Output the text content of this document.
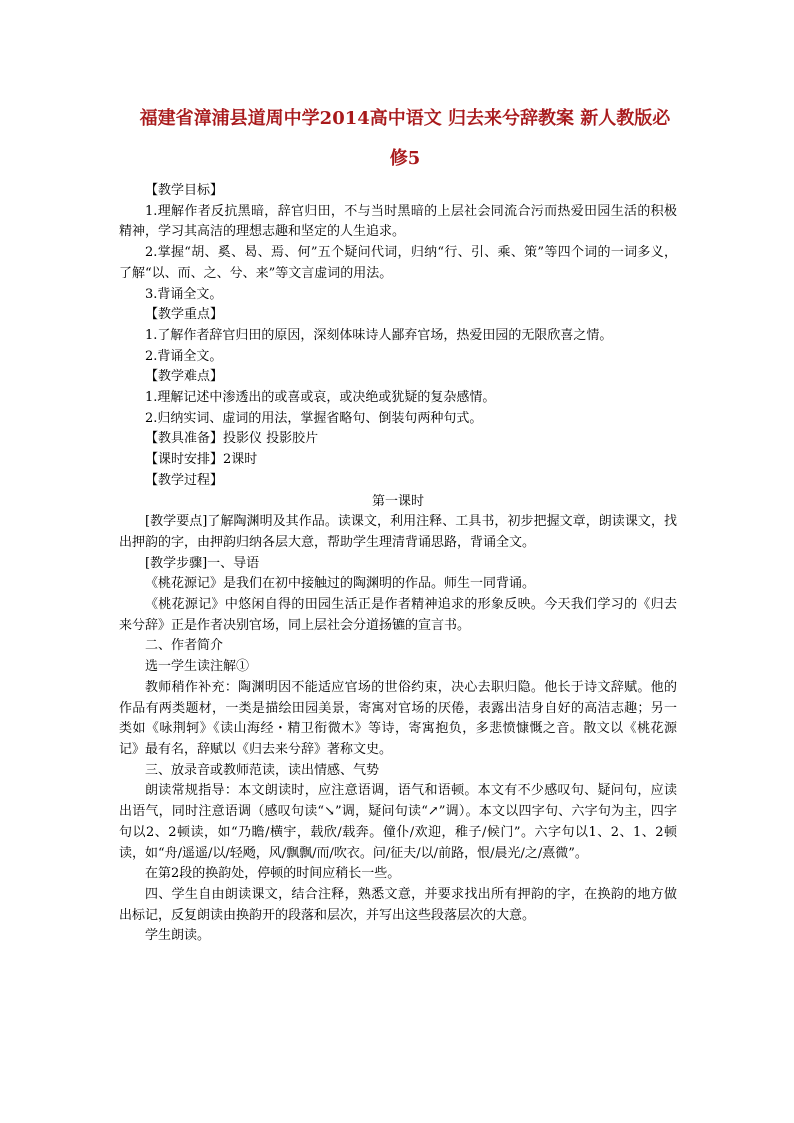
福建省漳浦县道周中学2014高中语文 归去来兮辞教案 新人教版必
修5

【教学目标】

1.理解作者反抗黑暗，辞官归田，不与当时黑暗的上层社会同流合污而热爱田园生活的积极精神，学习其高洁的理想志趣和坚定的人生追求。

2.掌握“胡、奚、曷、焉、何”五个疑问代词，归纳“行、引、乘、策”等四个词的一词多义，了解“以、而、之、兮、来”等文言虚词的用法。

3.背诵全文。

【教学重点】

1.了解作者辞官归田的原因，深刻体味诗人鄙弃官场，热爱田园的无限欣喜之情。

2.背诵全文。

【教学难点】

1.理解记述中渗透出的或喜或哀，或决绝或犹疑的复杂感情。

2.归纳实词、虚词的用法，掌握省略句、倒装句两种句式。

【教具准备】投影仪 投影胶片

【课时安排】2课时

【教学过程】

第一课时

[教学要点]了解陶渊明及其作品。读课文，利用注释、工具书，初步把握文章，朗读课文，找出押韵的字，由押韵归纳各层大意，帮助学生理清背诵思路，背诵全文。

[教学步骤]一、导语

《桃花源记》是我们在初中接触过的陶渊明的作品。师生一同背诵。

《桃花源记》中悠闲自得的田园生活正是作者精神追求的形象反映。今天我们学习的《归去来兮辞》正是作者决别官场，同上层社会分道扬镳的宣言书。

二、作者简介

选一学生读注解①

教师稍作补充：陶渊明因不能适应官场的世俗约束，决心去职归隐。他长于诗文辞赋。他的作品有两类题材，一类是描绘田园美景，寄寓对官场的厌倦，表露出洁身自好的高洁志趣；另一类如《咏荆轲》《读山海经・精卫衔微木》等诗，寄寓抱负，多悲愤慷慨之音。散文以《桃花源记》最有名，辞赋以《归去来兮辞》著称文史。

三、放录音或教师范读，读出情感、气势

朗读常规指导：本文朗读时，应注意语调，语气和语顿。本文有不少感叹句、疑问句，应读出语气，同时注意语调（感叹句读“↘”调，疑问句读“↗”调）。本文以四字句、六字句为主，四字句以2、2顿读，如“乃瞻/横宇，载欣/载奔。僮仆/欢迎，稚子/候门”。六字句以1、2、1、2顿读，如“舟/遥遥/以/轻飏，风/飘飘/而/吹衣。问/征夫/以/前路，恨/晨光/之/熹微”。

在第2段的换韵处，停顿的时间应稍长一些。

四、学生自由朗读课文，结合注释，熟悉文意，并要求找出所有押韵的字，在换韵的地方做出标记，反复朗读由换韵开的段落和层次，并写出这些段落层次的大意。

学生朗读。
